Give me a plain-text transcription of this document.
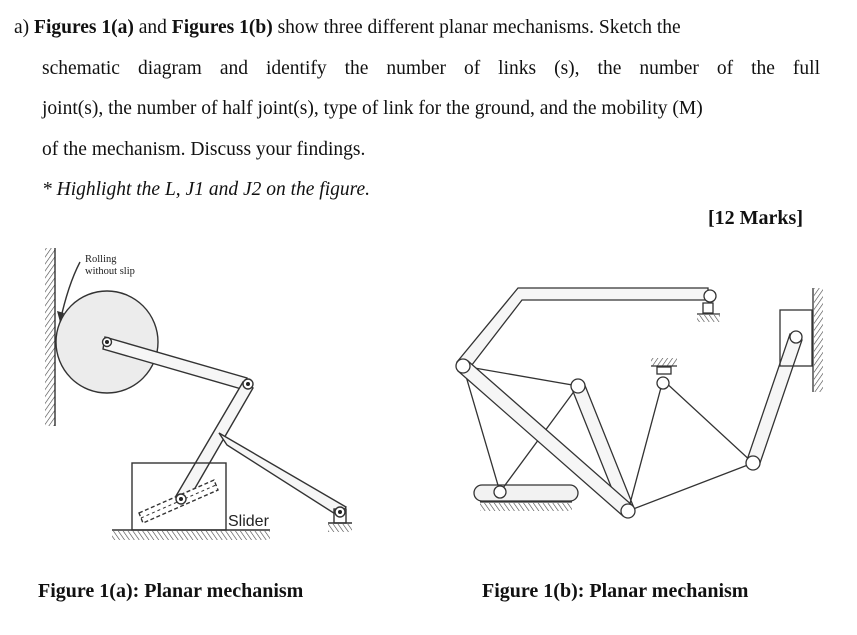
a) Figures 1(a) and Figures 1(b) show three different planar mechanisms. Sketch the
schematic diagram and identify the number of links (s), the number of the full
joint(s), the number of half joint(s), type of link for the ground, and the mobility (M)
of the mechanism. Discuss your findings.
* Highlight the L, J1 and J2 on the figure.
[12 Marks]
Rolling
without slip
Slider
Figure 1(a): Planar mechanism	Figure 1(b): Planar mechanism
